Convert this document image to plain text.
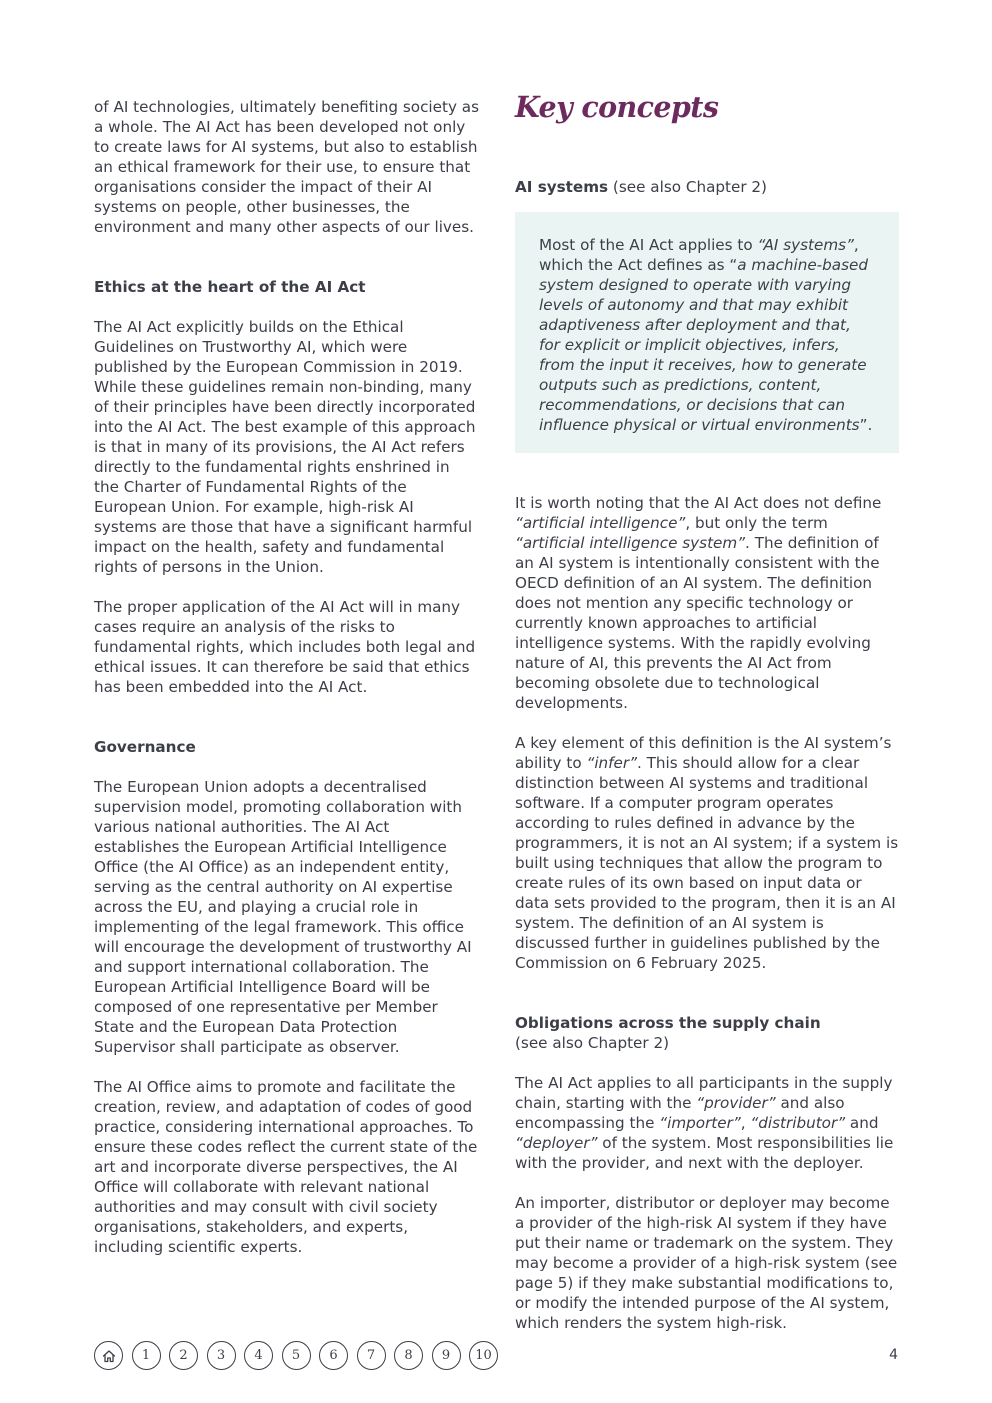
of AI technologies, ultimately benefiting society as a whole. The AI Act has been developed not only to create laws for AI systems, but also to establish an ethical framework for their use, to ensure that organisations consider the impact of their AI systems on people, other businesses, the environment and many other aspects of our lives.

Ethics at the heart of the AI Act

The AI Act explicitly builds on the Ethical Guidelines on Trustworthy AI, which were published by the European Commission in 2019. While these guidelines remain non-binding, many of their principles have been directly incorporated into the AI Act. The best example of this approach is that in many of its provisions, the AI Act refers directly to the fundamental rights enshrined in the Charter of Fundamental Rights of the European Union. For example, high-risk AI systems are those that have a significant harmful impact on the health, safety and fundamental rights of persons in the Union.

The proper application of the AI Act will in many cases require an analysis of the risks to fundamental rights, which includes both legal and ethical issues. It can therefore be said that ethics has been embedded into the AI Act.

Governance

The European Union adopts a decentralised supervision model, promoting collaboration with various national authorities. The AI Act establishes the European Artificial Intelligence Office (the AI Office) as an independent entity, serving as the central authority on AI expertise across the EU, and playing a crucial role in implementing of the legal framework. This office will encourage the development of trustworthy AI and support international collaboration. The European Artificial Intelligence Board will be composed of one representative per Member State and the European Data Protection Supervisor shall participate as observer.

The AI Office aims to promote and facilitate the creation, review, and adaptation of codes of good practice, considering international approaches. To ensure these codes reflect the current state of the art and incorporate diverse perspectives, the AI Office will collaborate with relevant national authorities and may consult with civil society organisations, stakeholders, and experts, including scientific experts.

Key concepts

AI systems (see also Chapter 2)

Most of the AI Act applies to “AI systems”, which the Act defines as “a machine-based system designed to operate with varying levels of autonomy and that may exhibit adaptiveness after deployment and that, for explicit or implicit objectives, infers, from the input it receives, how to generate outputs such as predictions, content, recommendations, or decisions that can influence physical or virtual environments”.

It is worth noting that the AI Act does not define “artificial intelligence”, but only the term “artificial intelligence system”. The definition of an AI system is intentionally consistent with the OECD definition of an AI system. The definition does not mention any specific technology or currently known approaches to artificial intelligence systems. With the rapidly evolving nature of AI, this prevents the AI Act from becoming obsolete due to technological developments.

A key element of this definition is the AI system’s ability to “infer”. This should allow for a clear distinction between AI systems and traditional software. If a computer program operates according to rules defined in advance by the programmers, it is not an AI system; if a system is built using techniques that allow the program to create rules of its own based on input data or data sets provided to the program, then it is an AI system. The definition of an AI system is discussed further in guidelines published by the Commission on 6 February 2025.

Obligations across the supply chain

(see also Chapter 2)

The AI Act applies to all participants in the supply chain, starting with the “provider” and also encompassing the “importer”, “distributor” and “deployer” of the system. Most responsibilities lie with the provider, and next with the deployer.

An importer, distributor or deployer may become a provider of the high-risk AI system if they have put their name or trademark on the system. They may become a provider of a high-risk system (see page 5) if they make substantial modifications to, or modify the intended purpose of the AI system, which renders the system high-risk.

1	2	3	4	5	6	7	8	9	10	4
